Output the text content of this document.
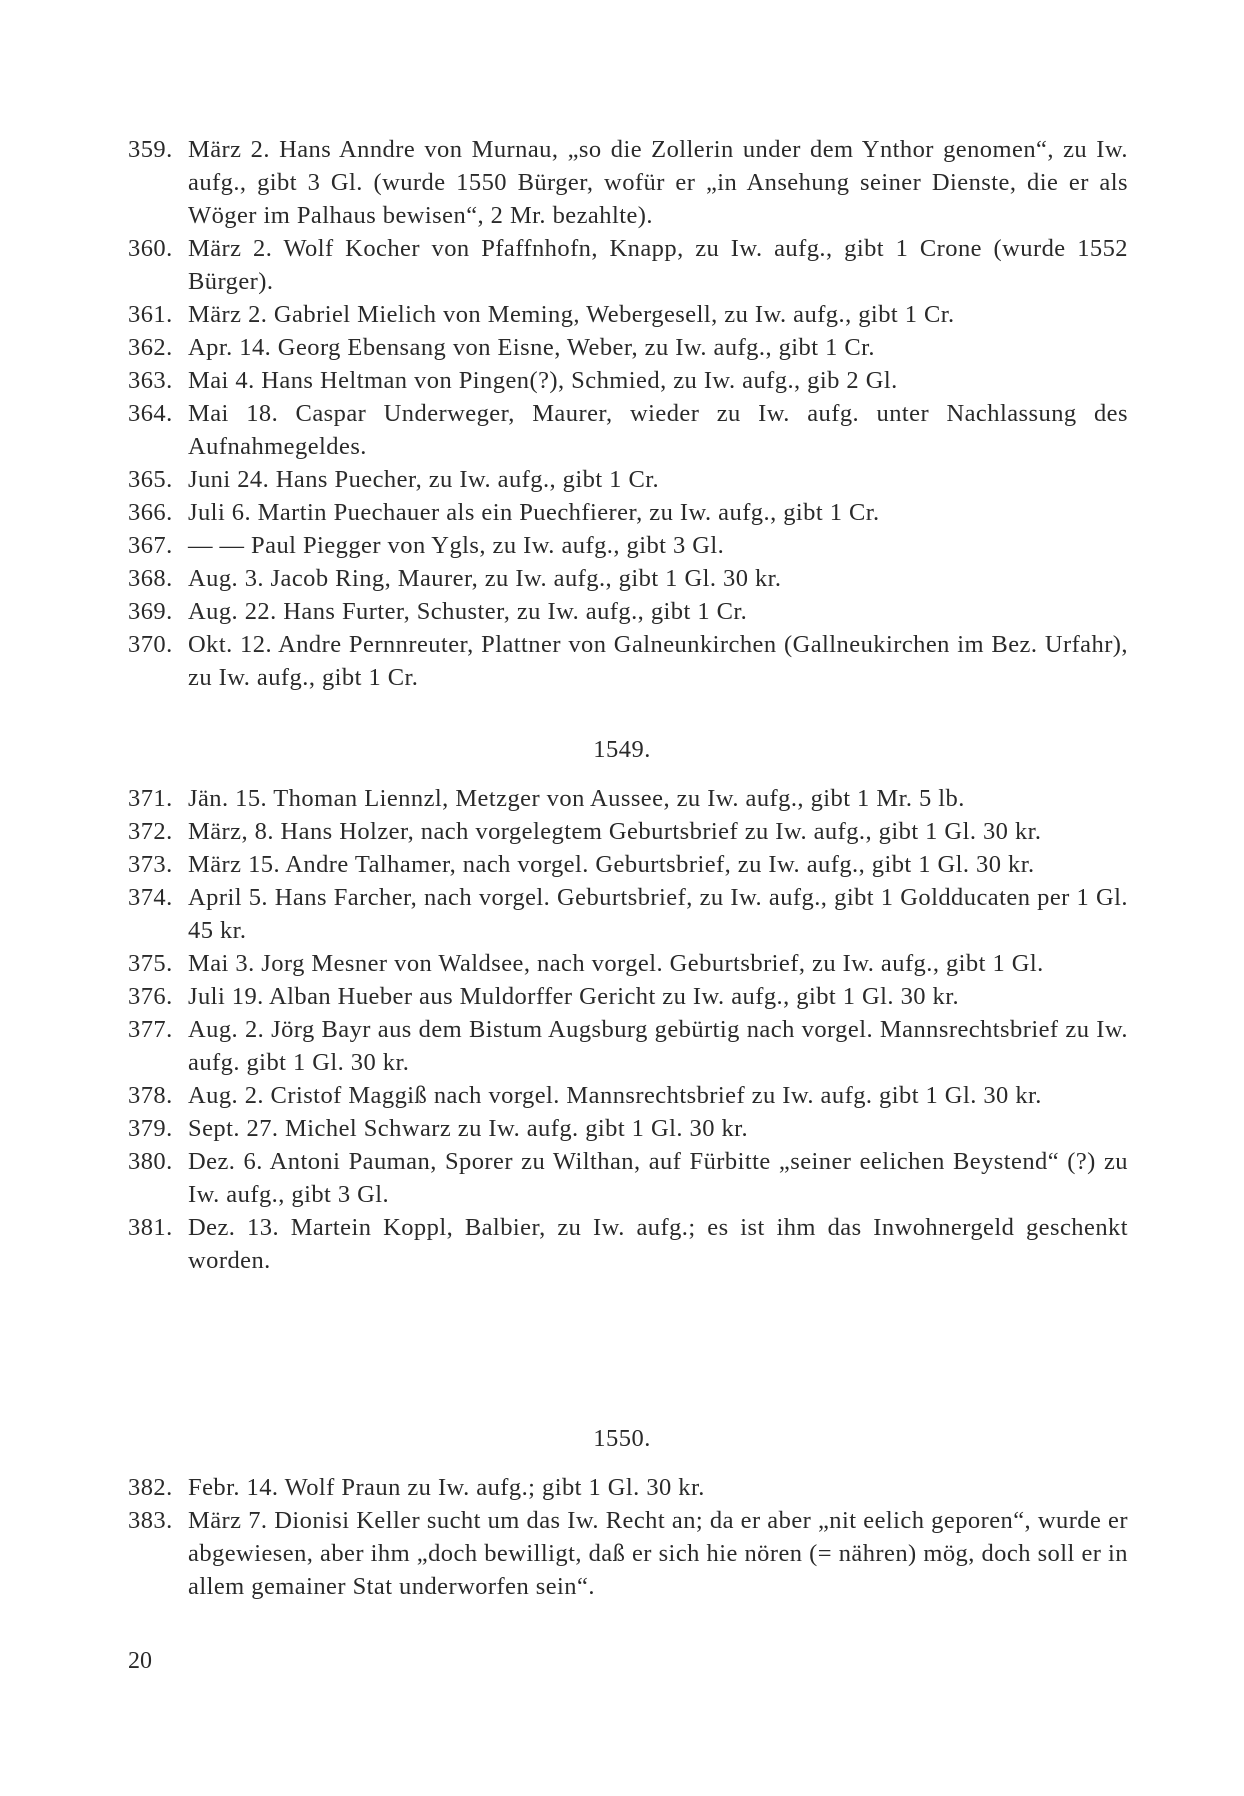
359. März 2. Hans Anndre von Murnau, „so die Zollerin under dem Ynthor genomen“, zu Iw. aufg., gibt 3 Gl. (wurde 1550 Bürger, wofür er „in Ansehung seiner Dienste, die er als Wöger im Palhaus bewisen“, 2 Mr. bezahlte).
360. März 2. Wolf Kocher von Pfaffnhofn, Knapp, zu Iw. aufg., gibt 1 Crone (wurde 1552 Bürger).
361. März 2. Gabriel Mielich von Meming, Webergesell, zu Iw. aufg., gibt 1 Cr.
362. Apr. 14. Georg Ebensang von Eisne, Weber, zu Iw. aufg., gibt 1 Cr.
363. Mai 4. Hans Heltman von Pingen(?), Schmied, zu Iw. aufg., gib 2 Gl.
364. Mai 18. Caspar Underweger, Maurer, wieder zu Iw. aufg. unter Nachlassung des Aufnahmegeldes.
365. Juni 24. Hans Puecher, zu Iw. aufg., gibt 1 Cr.
366. Juli 6. Martin Puechauer als ein Puechfierer, zu Iw. aufg., gibt 1 Cr.
367. — — Paul Piegger von Ygls, zu Iw. aufg., gibt 3 Gl.
368. Aug. 3. Jacob Ring, Maurer, zu Iw. aufg., gibt 1 Gl. 30 kr.
369. Aug. 22. Hans Furter, Schuster, zu Iw. aufg., gibt 1 Cr.
370. Okt. 12. Andre Pernnreuter, Plattner von Galneunkirchen (Gallneukirchen im Bez. Urfahr), zu Iw. aufg., gibt 1 Cr.
1549.
371. Jän. 15. Thoman Liennzl, Metzger von Aussee, zu Iw. aufg., gibt 1 Mr. 5 lb.
372. März, 8. Hans Holzer, nach vorgelegtem Geburtsbrief zu Iw. aufg., gibt 1 Gl. 30 kr.
373. März 15. Andre Talhamer, nach vorgel. Geburtsbrief, zu Iw. aufg., gibt 1 Gl. 30 kr.
374. April 5. Hans Farcher, nach vorgel. Geburtsbrief, zu Iw. aufg., gibt 1 Goldducaten per 1 Gl. 45 kr.
375. Mai 3. Jorg Mesner von Waldsee, nach vorgel. Geburtsbrief, zu Iw. aufg., gibt 1 Gl.
376. Juli 19. Alban Hueber aus Muldorffer Gericht zu Iw. aufg., gibt 1 Gl. 30 kr.
377. Aug. 2. Jörg Bayr aus dem Bistum Augsburg gebürtig nach vorgel. Mannsrechtsbrief zu Iw. aufg. gibt 1 Gl. 30 kr.
378. Aug. 2. Cristof Maggiß nach vorgel. Mannsrechtsbrief zu Iw. aufg. gibt 1 Gl. 30 kr.
379. Sept. 27. Michel Schwarz zu Iw. aufg. gibt 1 Gl. 30 kr.
380. Dez. 6. Antoni Pauman, Sporer zu Wilthan, auf Fürbitte „seiner eelichen Beystend“ (?) zu Iw. aufg., gibt 3 Gl.
381. Dez. 13. Martein Koppl, Balbier, zu Iw. aufg.; es ist ihm das Inwohnergeld geschenkt worden.
1550.
382. Febr. 14. Wolf Praun zu Iw. aufg.; gibt 1 Gl. 30 kr.
383. März 7. Dionisi Keller sucht um das Iw. Recht an; da er aber „nit eelich geporen“, wurde er abgewiesen, aber ihm „doch bewilligt, daß er sich hie nören (= nähren) mög, doch soll er in allem gemainer Stat underworfen sein“.
20
